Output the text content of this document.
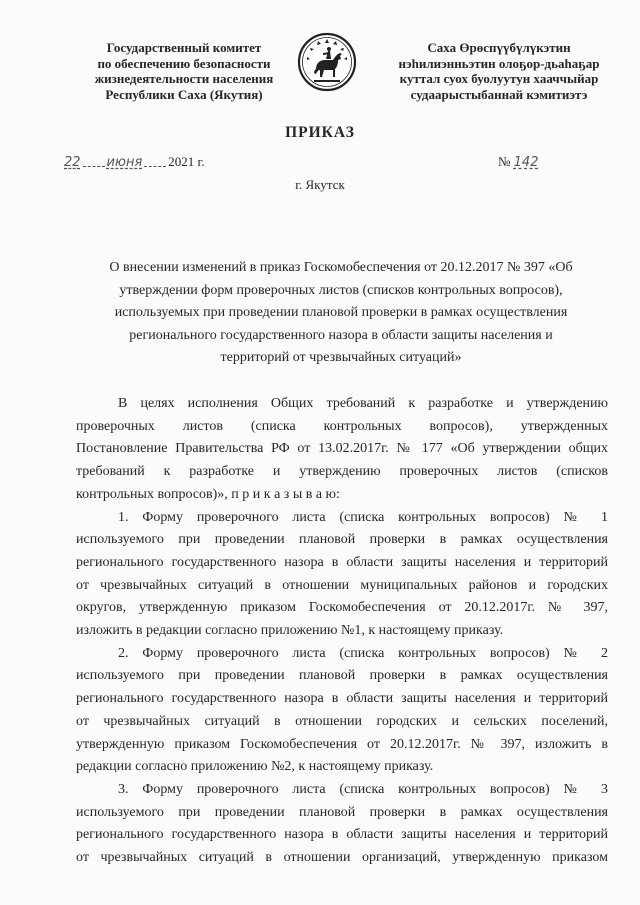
Государственный комитет
по обеспечению безопасности
жизнедеятельности населения
Республики Саха (Якутия)
Саха Өрөспүүбүлүкэтин
нэһилиэнньэтин олоҕор-дьаһаҕар
куттал суох буолуутун хааччыйар
судаарыстыбаннай кэмитиэтэ
ПРИКАЗ
22 июня 2021 г.	№ 142
г. Якутск
О внесении изменений в приказ Госкомобеспечения от 20.12.2017 № 397 «Об
утверждении форм проверочных листов (списков контрольных вопросов),
используемых при проведении плановой проверки в рамках осуществления
регионального государственного назора в области защиты населения и
территорий от чрезвычайных ситуаций»
В целях исполнения Общих требований к разработке и утверждению
проверочных листов (списка контрольных вопросов), утвержденных
Постановление Правительства РФ от 13.02.2017г. № 177 «Об утверждении общих
требований к разработке и утверждению проверочных листов (списков
контрольных вопросов)», п р и к а з ы в а ю:
1. Форму проверочного листа (списка контрольных вопросов) № 1
используемого при проведении плановой проверки в рамках осуществления
регионального государственного назора в области защиты населения и территорий
от чрезвычайных ситуаций в отношении муниципальных районов и городских
округов, утвержденную приказом Госкомобеспечения от 20.12.2017г. № 397,
изложить в редакции согласно приложению №1, к настоящему приказу.
2. Форму проверочного листа (списка контрольных вопросов) № 2
используемого при проведении плановой проверки в рамках осуществления
регионального государственного назора в области защиты населения и территорий
от чрезвычайных ситуаций в отношении городских и сельских поселений,
утвержденную приказом Госкомобеспечения от 20.12.2017г. № 397, изложить в
редакции согласно приложению №2, к настоящему приказу.
3. Форму проверочного листа (списка контрольных вопросов) № 3
используемого при проведении плановой проверки в рамках осуществления
регионального государственного назора в области защиты населения и территорий
от чрезвычайных ситуаций в отношении организаций, утвержденную приказом
